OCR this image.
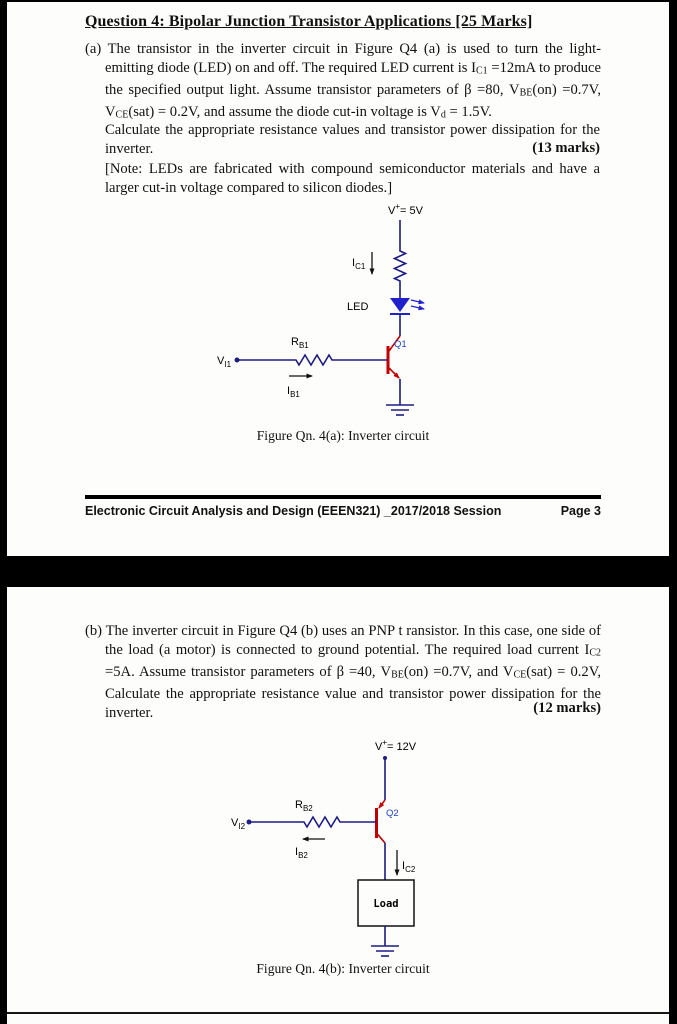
Question 4: Bipolar Junction Transistor Applications [25 Marks]
(a) The transistor in the inverter circuit in Figure Q4 (a) is used to turn the light-emitting diode (LED) on and off. The required LED current is IC1 =12mA to produce the specified output light. Assume transistor parameters of β =80, VBE(on) =0.7V, VCE(sat) = 0.2V, and assume the diode cut-in voltage is Vd = 1.5V.
Calculate the appropriate resistance values and transistor power dissipation for the inverter.	(13 marks)
[Note: LEDs are fabricated with compound semiconductor materials and have a larger cut-in voltage compared to silicon diodes.]
V+= 5V
$I_{C1}$
LED
Q1
$R_{B1}$
$V_{I1}$
$I_{B1}$
Figure Qn. 4(a): Inverter circuit
Electronic Circuit Analysis and Design (EEEN321) _2017/2018 Session	Page 3
(b) The inverter circuit in Figure Q4 (b) uses an PNP t ransistor. In this case, one side of the load (a motor) is connected to ground potential. The required load current IC2 =5A. Assume transistor parameters of β =40, VBE(on) =0.7V, and VCE(sat) = 0.2V, Calculate the appropriate resistance value and transistor power dissipation for the inverter.	(12 marks)
V+= 12V
Q2
$R_{B2}$
$V_{I2}$
$I_{B2}$
$I_{C2}$
Load
Figure Qn. 4(b): Inverter circuit
